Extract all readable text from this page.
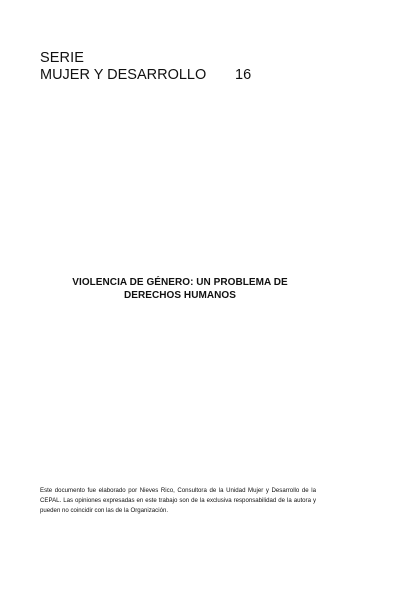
SERIE

MUJER Y DESARROLLO 16

VIOLENCIA DE GÉNERO: UN PROBLEMA DE DERECHOS HUMANOS

Este documento fue elaborado por Nieves Rico, Consultora de la Unidad Mujer y Desarrollo de la CEPAL. Las opiniones expresadas en este trabajo son de la exclusiva responsabilidad de la autora y pueden no coincidir con las de la Organización.
